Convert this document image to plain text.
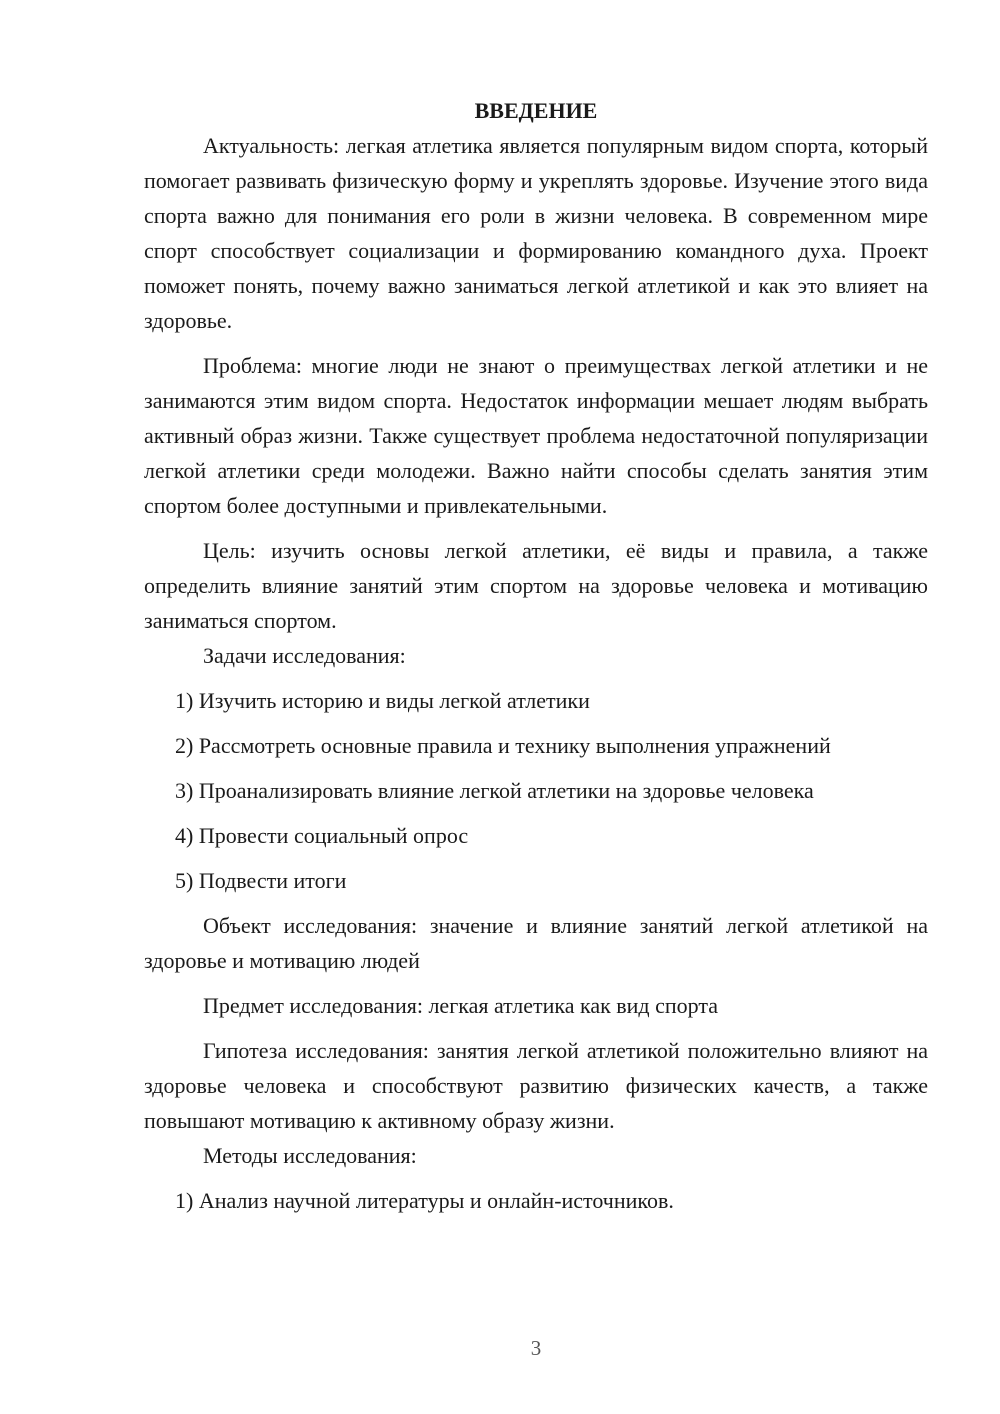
ВВЕДЕНИЕ

Актуальность: легкая атлетика является популярным видом спорта, который помогает развивать физическую форму и укреплять здоровье. Изучение этого вида спорта важно для понимания его роли в жизни человека. В современном мире спорт способствует социализации и формированию командного духа. Проект поможет понять, почему важно заниматься легкой атлетикой и как это влияет на здоровье.

Проблема: многие люди не знают о преимуществах легкой атлетики и не занимаются этим видом спорта. Недостаток информации мешает людям выбрать активный образ жизни. Также существует проблема недостаточной популяризации легкой атлетики среди молодежи. Важно найти способы сделать занятия этим спортом более доступными и привлекательными.

Цель: изучить основы легкой атлетики, её виды и правила, а также определить влияние занятий этим спортом на здоровье человека и мотивацию заниматься спортом.

Задачи исследования:

1) Изучить историю и виды легкой атлетики

2) Рассмотреть основные правила и технику выполнения упражнений

3) Проанализировать влияние легкой атлетики на здоровье человека

4) Провести социальный опрос

5) Подвести итоги

Объект исследования: значение и влияние занятий легкой атлетикой на здоровье и мотивацию людей

Предмет исследования: легкая атлетика как вид спорта

Гипотеза исследования: занятия легкой атлетикой положительно влияют на здоровье человека и способствуют развитию физических качеств, а также повышают мотивацию к активному образу жизни.

Методы исследования:

1) Анализ научной литературы и онлайн-источников.

3
